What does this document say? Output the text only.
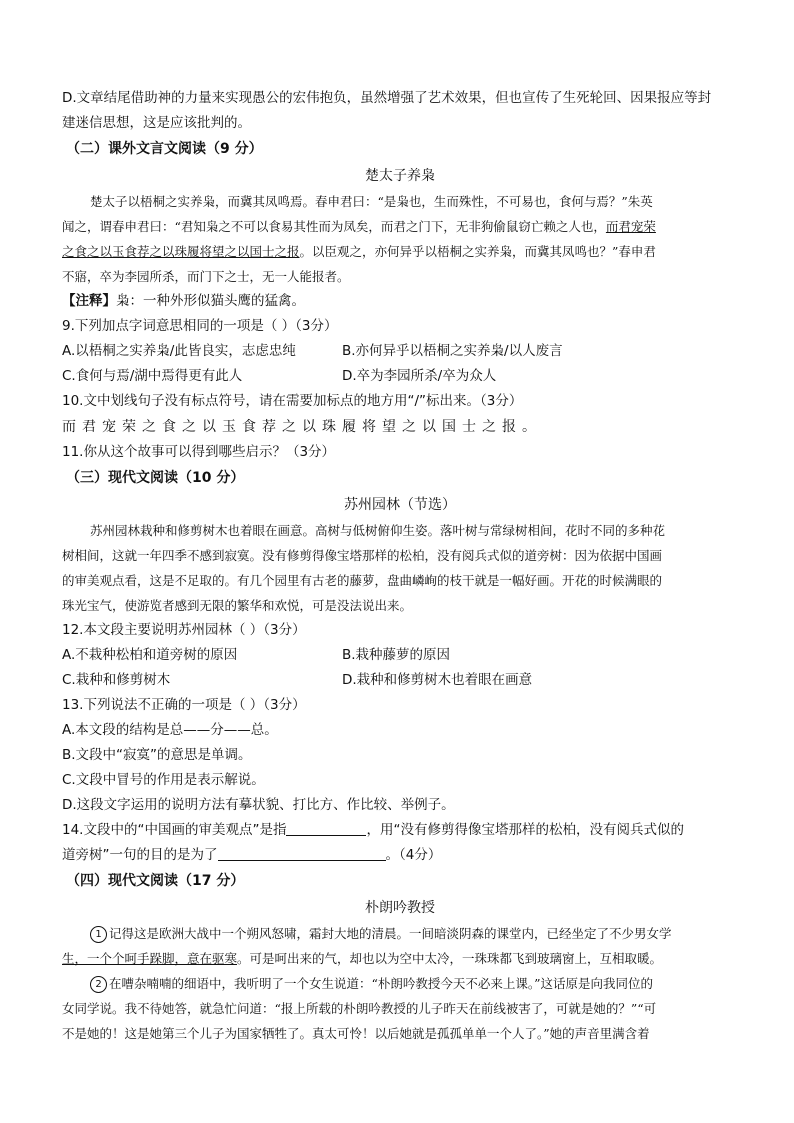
D.文章结尾借助神的力量来实现愚公的宏伟抱负，虽然增强了艺术效果，但也宣传了生死轮回、因果报应等封
建迷信思想，这是应该批判的。
（二）课外文言文阅读（9 分）
楚太子养枭
楚太子以梧桐之实养枭，而冀其凤鸣焉。春申君曰：“是枭也，生而殊性，不可易也，食何与焉？”朱英
闻之，谓春申君曰：“君知枭之不可以食易其性而为凤矣，而君之门下，无非狗偷鼠窃亡赖之人也，而君宠荣
之食之以玉食荐之以珠履将望之以国士之报。以臣观之，亦何异乎以梧桐之实养枭，而冀其凤鸣也？”春申君
不寤，卒为李园所杀，而门下之士，无一人能报者。
【注释】枭：一种外形似猫头鹰的猛禽。
9.下列加点字词意思相同的一项是（ ）（3分）
A.以梧桐之实养枭/此皆良实，志虑忠纯	B.亦何异乎以梧桐之实养枭/以人废言
C.食何与焉/湖中焉得更有此人	D.卒为李园所杀/卒为众人
10.文中划线句子没有标点符号，请在需要加标点的地方用“/”标出来。（3分）
而君宠荣之食之以玉食荐之以珠履将望之以国士之报。
11.你从这个故事可以得到哪些启示？（3分）
（三）现代文阅读（10 分）
苏州园林（节选）
苏州园林栽种和修剪树木也着眼在画意。高树与低树俯仰生姿。落叶树与常绿树相间，花时不同的多种花
树相间，这就一年四季不感到寂寞。没有修剪得像宝塔那样的松柏，没有阅兵式似的道旁树：因为依据中国画
的审美观点看，这是不足取的。有几个园里有古老的藤萝，盘曲嶙峋的枝干就是一幅好画。开花的时候满眼的
珠光宝气，使游览者感到无限的繁华和欢悦，可是没法说出来。
12.本文段主要说明苏州园林（ ）（3分）
A.不栽种松柏和道旁树的原因	B.栽种藤萝的原因
C.栽种和修剪树木	D.栽种和修剪树木也着眼在画意
13.下列说法不正确的一项是（ ）（3分）
A.本文段的结构是总——分——总。
B.文段中“寂寞”的意思是单调。
C.文段中冒号的作用是表示解说。
D.这段文字运用的说明方法有摹状貌、打比方、作比较、举例子。
14.文段中的“中国画的审美观点”是指	，用“没有修剪得像宝塔那样的松柏，没有阅兵式似的
道旁树”一句的目的是为了	。（4分）
（四）现代文阅读（17 分）
朴朗吟教授
1 记得这是欧洲大战中一个朔风怒啸，霜封大地的清晨。一间暗淡阴森的课堂内，已经坐定了不少男女学
生，一个个呵手跺脚，意在驱寒。可是呵出来的气，却也以为空中太冷，一珠珠都飞到玻璃窗上，互相取暖。
2 在嘈杂喃喃的细语中，我听明了一个女生说道：“朴朗吟教授今天不必来上课。”这话原是向我同位的
女同学说。我不待她答，就急忙问道：“报上所载的朴朗吟教授的儿子昨天在前线被害了，可就是她的？”“可
不是她的！这是她第三个儿子为国家牺牲了。真太可怜！以后她就是孤孤单单一个人了。”她的声音里满含着
